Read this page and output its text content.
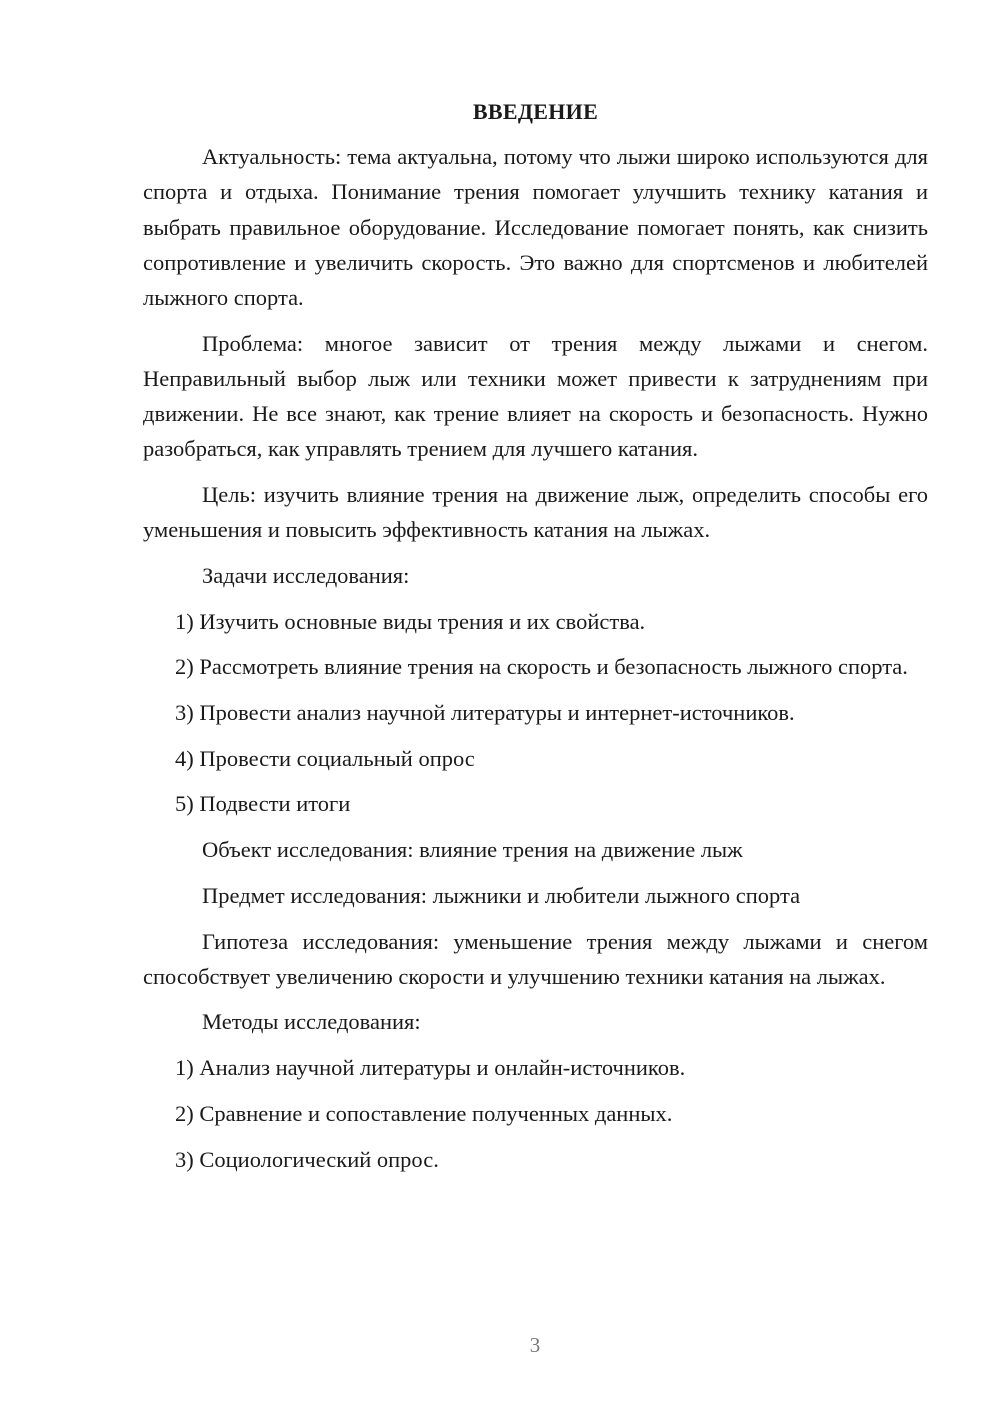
ВВЕДЕНИЕ

Актуальность: тема актуальна, потому что лыжи широко используются для спорта и отдыха. Понимание трения помогает улучшить технику катания и выбрать правильное оборудование. Исследование помогает понять, как снизить сопротивление и увеличить скорость. Это важно для спортсменов и любителей лыжного спорта.

Проблема: многое зависит от трения между лыжами и снегом. Неправильный выбор лыж или техники может привести к затруднениям при движении. Не все знают, как трение влияет на скорость и безопасность. Нужно разобраться, как управлять трением для лучшего катания.

Цель: изучить влияние трения на движение лыж, определить способы его уменьшения и повысить эффективность катания на лыжах.

Задачи исследования:

1) Изучить основные виды трения и их свойства.

2) Рассмотреть влияние трения на скорость и безопасность лыжного спорта.

3) Провести анализ научной литературы и интернет-источников.

4) Провести социальный опрос

5) Подвести итоги

Объект исследования: влияние трения на движение лыж

Предмет исследования: лыжники и любители лыжного спорта

Гипотеза исследования: уменьшение трения между лыжами и снегом способствует увеличению скорости и улучшению техники катания на лыжах.

Методы исследования:

1) Анализ научной литературы и онлайн-источников.

2) Сравнение и сопоставление полученных данных.

3) Социологический опрос.

3
